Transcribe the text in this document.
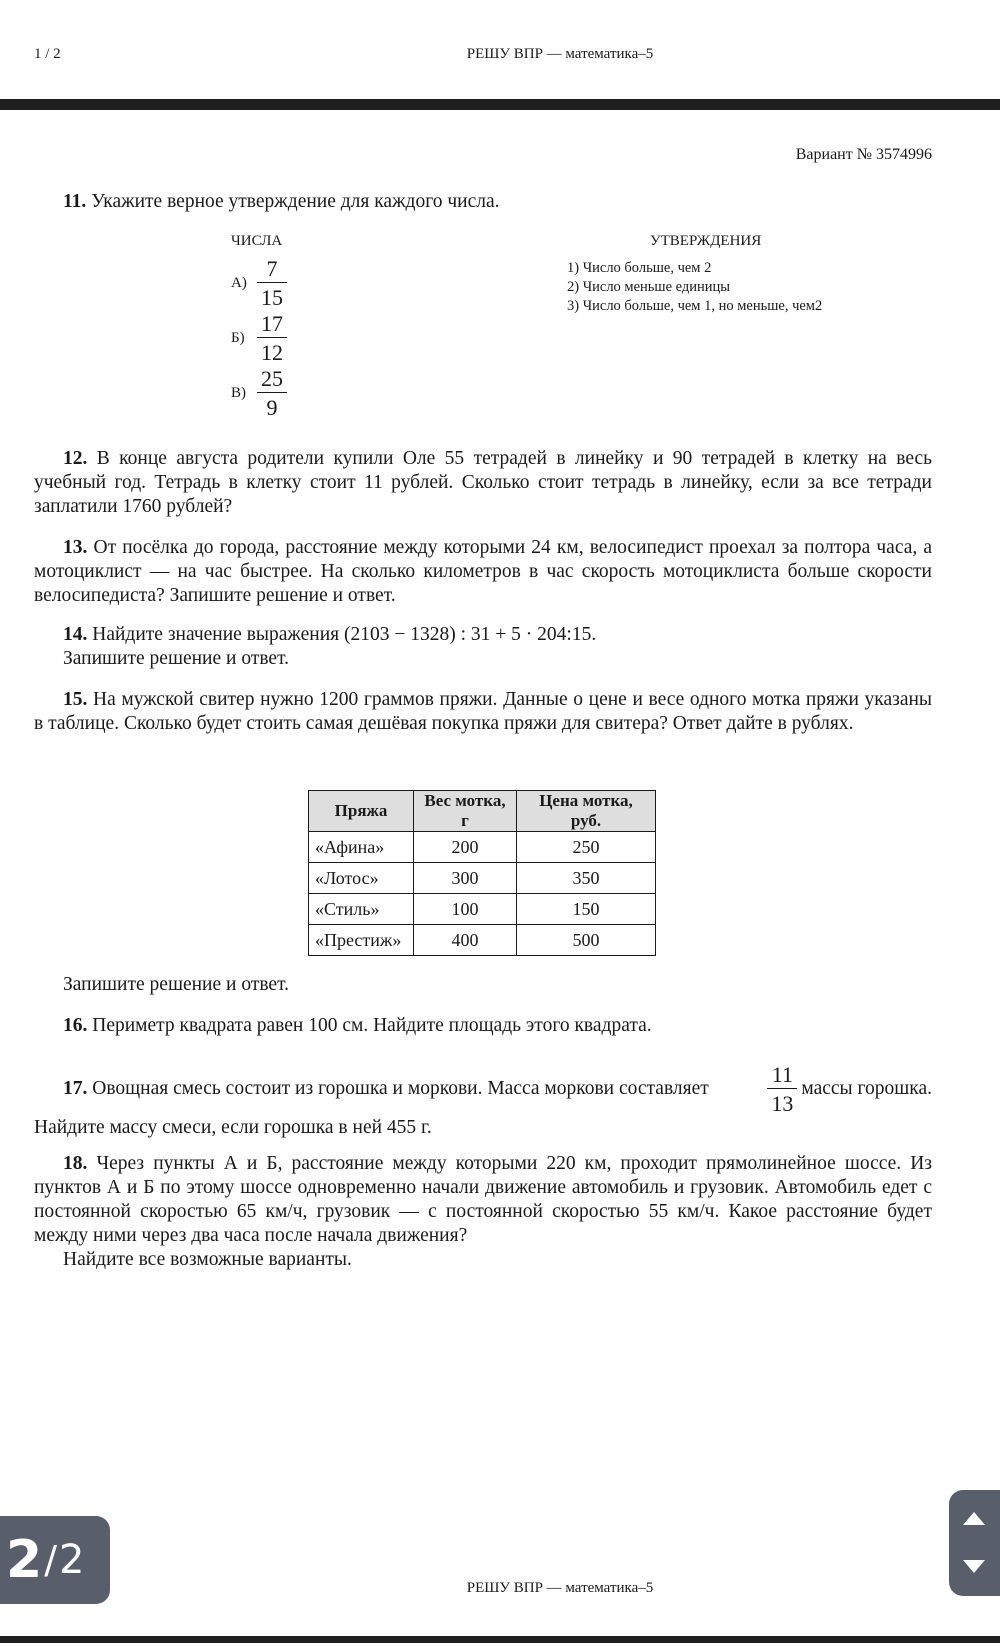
1 / 2	РЕШУ ВПР — математика–5
Вариант № 3574996

11. Укажите верное утверждение для каждого числа.

ЧИСЛА	УТВЕРЖДЕНИЯ
$А) \frac{7}{15}$
$Б) \frac{17}{12}$
$В) \frac{25}{9}$
1) Число больше, чем 2
2) Число меньше единицы
3) Число больше, чем 1, но меньше, чем2

12. В конце августа родители купили Оле 55 тетрадей в линейку и 90 тетрадей в клетку на весь учебный год. Тетрадь в клетку стоит 11 рублей. Сколько стоит тетрадь в линейку, если за все тетради заплатили 1760 рублей?

13. От посёлка до города, расстояние между которыми 24 км, велосипедист проехал за полтора часа, а мотоциклист — на час быстрее. На сколько километров в час скорость мотоциклиста больше скорости велосипедиста? Запишите решение и ответ.

14. Найдите значение выражения (2103 − 1328) : 31 + 5 · 204:15.

Запишите решение и ответ.

15. На мужской свитер нужно 1200 граммов пряжи. Данные о цене и весе одного мотка пряжи указаны в таблице. Сколько будет стоить самая дешёвая покупка пряжи для свитера? Ответ дайте в рублях.

Пряжа	Вес мотка, г	Цена мотка, руб.
«Афина»	200	250
«Лотос»	300	350
«Стиль»	100	150
«Престиж»	400	500

Запишите решение и ответ.

16. Периметр квадрата равен 100 см. Найдите площадь этого квадрата.

17.
Овощная смесь состоит из горошка и моркови. Масса моркови составляет	$\frac{11}{13}$ массы горошка.

Найдите массу смеси, если горошка в ней 455 г.

18. Через пункты А и Б, расстояние между которыми 220 км, проходит прямолинейное шоссе. Из пунктов А и Б по этому шоссе одновременно начали движение автомобиль и грузовик. Автомобиль едет с постоянной скоростью 65 км/ч, грузовик — с постоянной скоростью 55 км/ч. Какое расстояние будет между ними через два часа после начала движения?

Найдите все возможные варианты.

РЕШУ ВПР — математика–5
2 / 2
